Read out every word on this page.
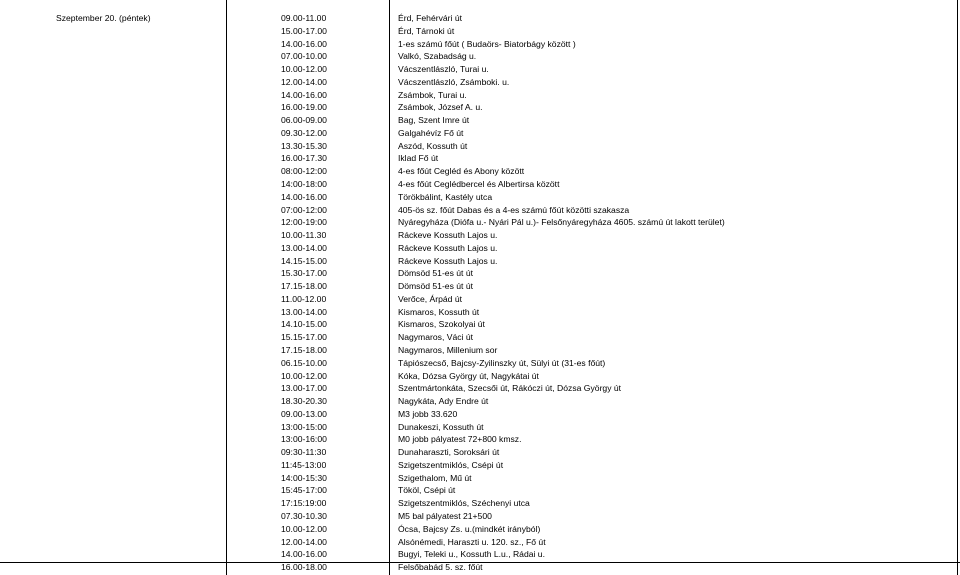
Szeptember 20. (péntek)	09.00-11.00	Érd, Fehérvári út
15.00-17.00	Érd, Tárnoki út
14.00-16.00	1-es számú főút ( Budaörs- Biatorbágy között )
07.00-10.00	Valkó, Szabadság u.
10.00-12.00	Vácszentlászló, Turai u.
12.00-14.00	Vácszentlászló, Zsámboki. u.
14.00-16.00	Zsámbok, Turai u.
16.00-19.00	Zsámbok, József A. u.
06.00-09.00	Bag, Szent Imre út
09.30-12.00	Galgahévíz Fő út
13.30-15.30	Aszód, Kossuth út
16.00-17.30	Iklad Fő út
08:00-12:00	4-es főút Cegléd és Abony között
14:00-18:00	4-es főút Ceglédbercel és Albertirsa között
14.00-16.00	Törökbálint, Kastély utca
07:00-12:00	405-ös sz. főút Dabas és a 4-es számú főút közötti szakasza
12:00-19:00	Nyáregyháza (Diófa u.- Nyári Pál u.)- Felsőnyáregyháza 4605. számú út lakott terület)
10.00-11.30	Ráckeve Kossuth Lajos u.
13.00-14.00	Ráckeve Kossuth Lajos u.
14.15-15.00	Ráckeve Kossuth Lajos u.
15.30-17.00	Dömsöd 51-es út út
17.15-18.00	Dömsöd 51-es út út
11.00-12.00	Verőce, Árpád út
13.00-14.00	Kismaros, Kossuth út
14.10-15.00	Kismaros, Szokolyai út
15.15-17.00	Nagymaros, Váci út
17.15-18.00	Nagymaros, Millenium sor
06.15-10.00	Tápiószecső, Bajcsy-Zyilinszky út, Sülyi út (31-es főút)
10.00-12.00	Kóka, Dózsa György út, Nagykátai út
13.00-17.00	Szentmártonkáta, Szecsői út, Rákóczi út, Dózsa György út
18.30-20.30	Nagykáta, Ady Endre út
09.00-13.00	M3 jobb 33.620
13:00-15:00	Dunakeszi, Kossuth út
13:00-16:00	M0 jobb pályatest 72+800 kmsz.
09:30-11:30	Dunaharaszti, Soroksári út
11:45-13:00	Szigetszentmiklós, Csépi út
14:00-15:30	Szigethalom, Mű út
15:45-17:00	Tököl, Csépi út
17:15:19:00	Szigetszentmiklós, Széchenyi utca
07.30-10.30	M5 bal pályatest 21+500
10.00-12.00	Ócsa, Bajcsy Zs. u.(mindkét irányból)
12.00-14.00	Alsónémedi, Haraszti u. 120. sz., Fő út
14.00-16.00	Bugyi, Teleki u., Kossuth L.u., Rádai u.
16.00-18.00	Felsőbabád 5. sz. főút
